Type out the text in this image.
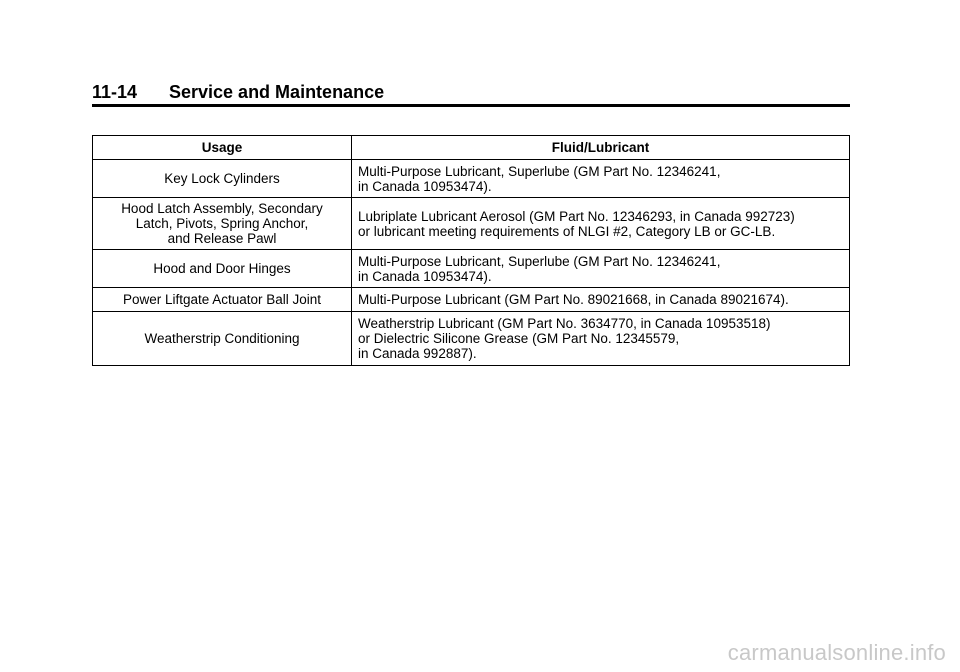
11-14 Service and Maintenance
Usage	Fluid/Lubricant
Key Lock Cylinders	Multi-Purpose Lubricant, Superlube (GM Part No. 12346241,
in Canada 10953474).
Hood Latch Assembly, Secondary
Latch, Pivots, Spring Anchor,
and Release Pawl	Lubriplate Lubricant Aerosol (GM Part No. 12346293, in Canada 992723)
or lubricant meeting requirements of NLGI #2, Category LB or GC-LB.
Hood and Door Hinges	Multi-Purpose Lubricant, Superlube (GM Part No. 12346241,
in Canada 10953474).
Power Liftgate Actuator Ball Joint	Multi-Purpose Lubricant (GM Part No. 89021668, in Canada 89021674).
Weatherstrip Conditioning	Weatherstrip Lubricant (GM Part No. 3634770, in Canada 10953518)
or Dielectric Silicone Grease (GM Part No. 12345579,
in Canada 992887).
carmanualsonline.info
